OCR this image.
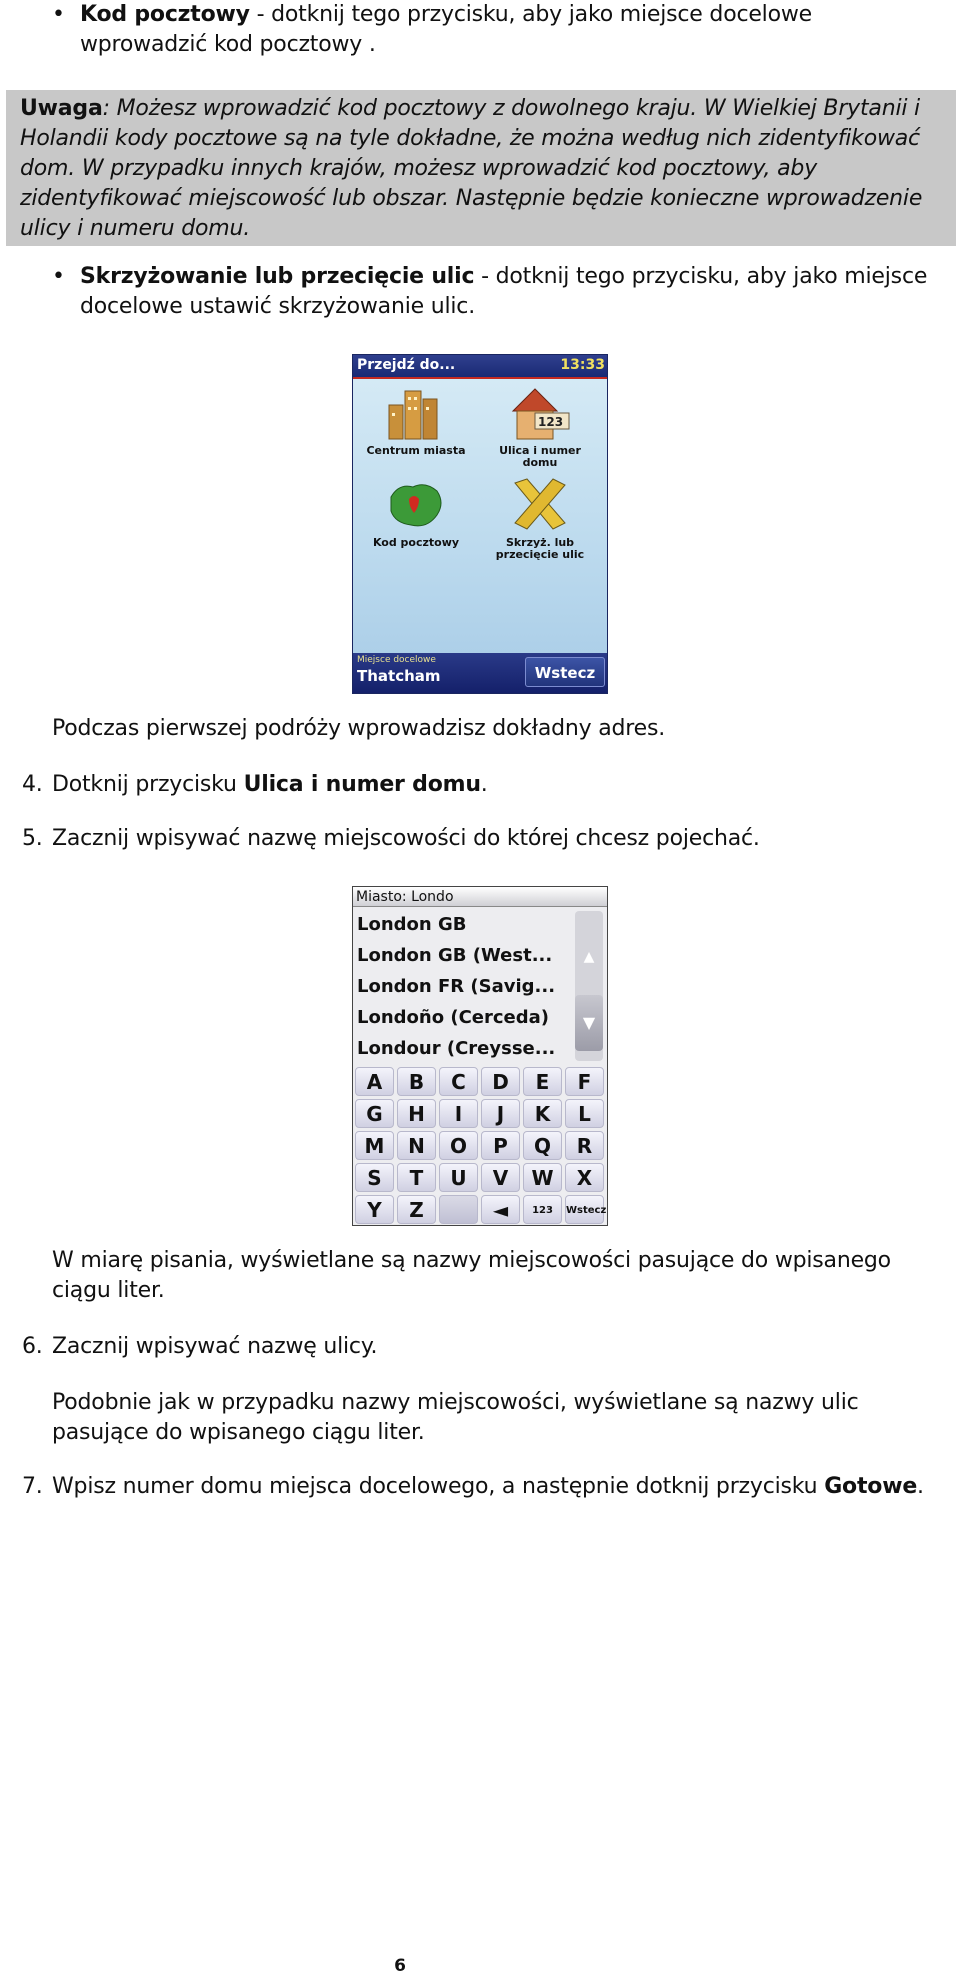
• Kod pocztowy - dotknij tego przycisku, aby jako miejsce docelowe wprowadzić kod pocztowy .
Uwaga: Możesz wprowadzić kod pocztowy z dowolnego kraju. W Wielkiej Brytanii i Holandii kody pocztowe są na tyle dokładne, że można według nich zidentyfikować dom. W przypadku innych krajów, możesz wprowadzić kod pocztowy, aby zidentyfikować miejscowość lub obszar. Następnie będzie konieczne wprowadzenie ulicy i numeru domu.
• Skrzyżowanie lub przecięcie ulic - dotknij tego przycisku, aby jako miejsce docelowe ustawić skrzyżowanie ulic.
Przejdź do...	13:33
Centrum miasta
123
Ulica i numer domu
Kod pocztowy	Skrzyż. lub przecięcie ulic
Miejsce docelowe
Thatcham	Wstecz
Podczas pierwszej podróży wprowadzisz dokładny adres.
4. Dotknij przycisku Ulica i numer domu.
5. Zacznij wpisywać nazwę miejscowości do której chcesz pojechać.
Miasto: Londo
London GB
London GB (West...
London FR (Savig...
Londoño (Cerceda)
Londour (Creysse...
▲
▼
A	B	C	D	E	F
G	H	I	J	K	L
M	N	O	P	Q	R
S	T	U	V	W	X
Y	Z	◄	123	Wstecz
W miarę pisania, wyświetlane są nazwy miejscowości pasujące do wpisanego ciągu liter.
6. Zacznij wpisywać nazwę ulicy.
Podobnie jak w przypadku nazwy miejscowości, wyświetlane są nazwy ulic pasujące do wpisanego ciągu liter.
7. Wpisz numer domu miejsca docelowego, a następnie dotknij przycisku Gotowe.
6
